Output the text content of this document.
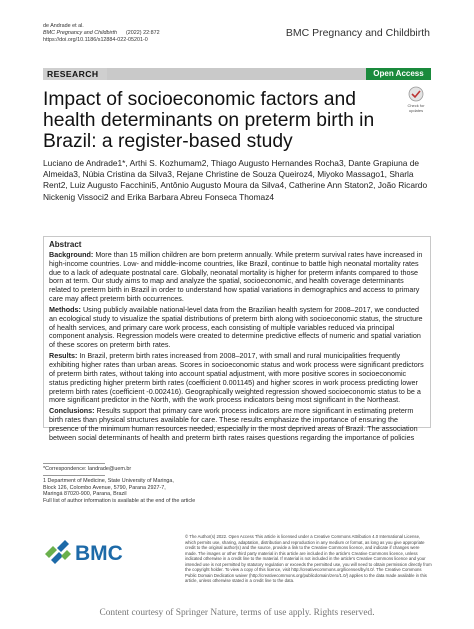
de Andrade et al.
BMC Pregnancy and Childbirth (2022) 22:872
https://doi.org/10.1186/s12884-022-05201-0
BMC Pregnancy and Childbirth
RESEARCH	Open Access
Impact of socioeconomic factors and health determinants on preterm birth in Brazil: a register-based study
Check for updates
Luciano de Andrade1*, Arthi S. Kozhumam2, Thiago Augusto Hernandes Rocha3, Dante Grapiuna de Almeida3, Núbia Cristina da Silva3, Rejane Christine de Souza Queiroz4, Miyoko Massago1, Sharla Rent2, Luiz Augusto Facchini5, Antônio Augusto Moura da Silva4, Catherine Ann Staton2, João Ricardo Nickenig Vissoci2 and Erika Barbara Abreu Fonseca Thomaz4
Abstract

Background: More than 15 million children are born preterm annually. While preterm survival rates have increased in high-income countries. Low- and middle-income countries, like Brazil, continue to battle high neonatal mortality rates due to a lack of adequate postnatal care. Globally, neonatal mortality is higher for preterm infants compared to those born at term. Our study aims to map and analyze the spatial, socioeconomic, and health coverage determinants related to preterm birth in Brazil in order to understand how spatial variations in demographics and access to primary care may affect preterm birth occurrences.

Methods: Using publicly available national-level data from the Brazilian health system for 2008–2017, we conducted an ecological study to visualize the spatial distributions of preterm birth along with socioeconomic status, the structure of health services, and primary care work process, each consisting of multiple variables reduced via principal component analysis. Regression models were created to determine predictive effects of numeric and spatial variation of these scores on preterm birth rates.

Results: In Brazil, preterm birth rates increased from 2008–2017, with small and rural municipalities frequently exhibiting higher rates than urban areas. Scores in socioeconomic status and work process were significant predictors of preterm birth rates, without taking into account spatial adjustment, with more positive scores in socioeconomic status predicting higher preterm birth rates (coefficient 0.001145) and higher scores in work process predicting lower preterm birth rates (coefficient -0.002416). Geographically weighted regression showed socioeconomic status to be a more significant predictor in the North, with the work process indicators being most significant in the Northeast.

Conclusions: Results support that primary care work process indicators are more significant in estimating preterm birth rates than physical structures available for care. These results emphasize the importance of ensuring the presence of the minimum human resources needed, especially in the most deprived areas of Brazil. The association between social determinants of health and preterm birth rates raises questions regarding the importance of policies

*Correspondence: landrade@uem.br
1 Department of Medicine, State University of Maringa, Block 126, Colombo Avenue, 5790, Parana 2927-7, Maringá 87020-900, Parana, Brazil
Full list of author information is available at the end of the article
BMC
© The Author(s) 2022. Open Access This article is licensed under a Creative Commons Attribution 4.0 International License, which permits use, sharing, adaptation, distribution and reproduction in any medium or format, as long as you give appropriate credit to the original author(s) and the source, provide a link to the Creative Commons licence, and indicate if changes were made. The images or other third party material in this article are included in the article's Creative Commons licence, unless indicated otherwise in a credit line to the material. If material is not included in the article's Creative Commons licence and your intended use is not permitted by statutory regulation or exceeds the permitted use, you will need to obtain permission directly from the copyright holder. To view a copy of this licence, visit http://creativecommons.org/licenses/by/4.0/. The Creative Commons Public Domain Dedication waiver (http://creativecommons.org/publicdomain/zero/1.0/) applies to the data made available in this article, unless otherwise stated in a credit line to the data.
Content courtesy of Springer Nature, terms of use apply. Rights reserved.
